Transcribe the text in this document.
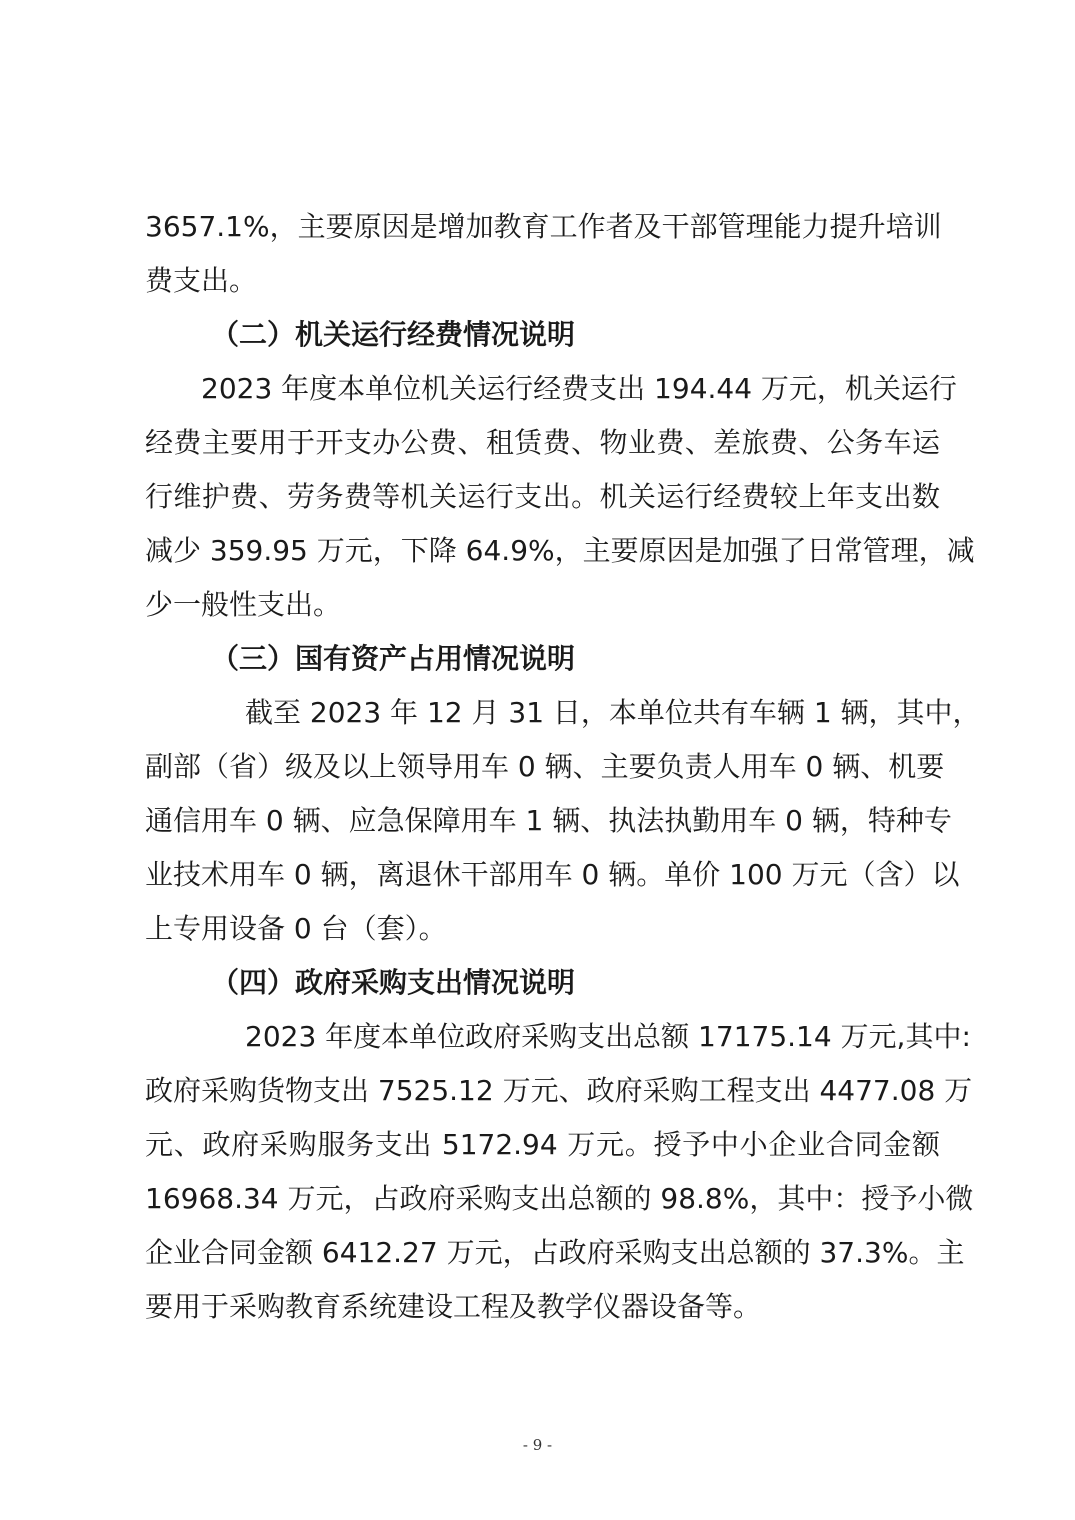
3657.1%，主要原因是增加教育工作者及干部管理能力提升培训
费支出。
（二）机关运行经费情况说明
2023 年度本单位机关运行经费支出 194.44 万元，机关运行
经费主要用于开支办公费、租赁费、物业费、差旅费、公务车运
行维护费、劳务费等机关运行支出。机关运行经费较上年支出数
减少 359.95 万元，下降 64.9%，主要原因是加强了日常管理，减
少一般性支出。
（三）国有资产占用情况说明
截至 2023 年 12 月 31 日，本单位共有车辆 1 辆，其中，
副部（省）级及以上领导用车 0 辆、主要负责人用车 0 辆、机要
通信用车 0 辆、应急保障用车 1 辆、执法执勤用车 0 辆，特种专
业技术用车 0 辆，离退休干部用车 0 辆。单价 100 万元（含）以
上专用设备 0 台（套）。
（四）政府采购支出情况说明
2023 年度本单位政府采购支出总额 17175.14 万元,其中:
政府采购货物支出 7525.12 万元、政府采购工程支出 4477.08 万
元、政府采购服务支出 5172.94 万元。授予中小企业合同金额
16968.34 万元，占政府采购支出总额的 98.8%，其中：授予小微
企业合同金额 6412.27 万元，占政府采购支出总额的 37.3%。主
要用于采购教育系统建设工程及教学仪器设备等。
- 9 -
